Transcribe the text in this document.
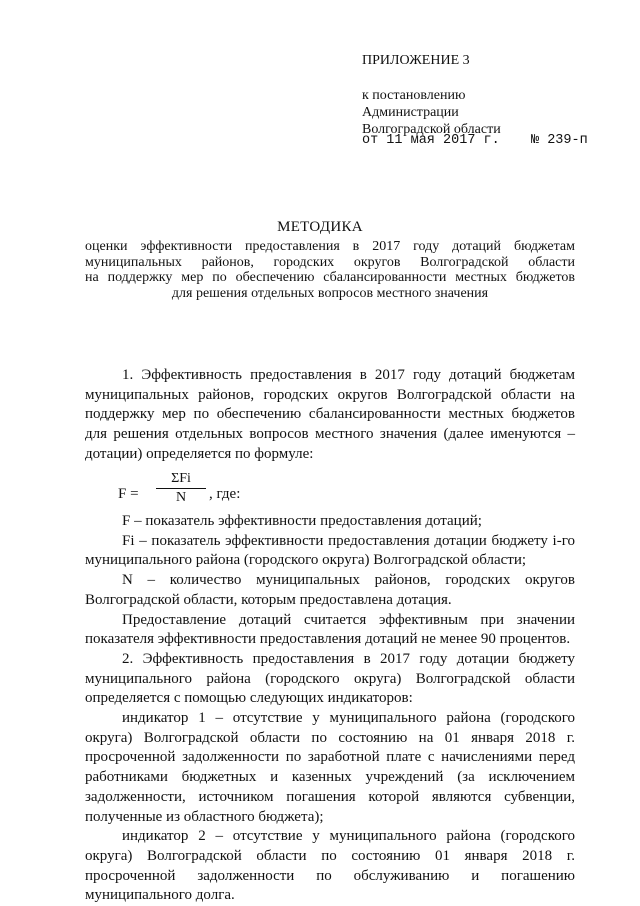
ПРИЛОЖЕНИЕ 3
к постановлению
Администрации
Волгоградской области
от 11 мая 2017 г. № 239-п
МЕТОДИКА
оценки эффективности предоставления в 2017 году дотаций бюджетам
муниципальных районов, городских округов Волгоградской области
на поддержку мер по обеспечению сбалансированности местных бюджетов
для решения отдельных вопросов местного значения

1. Эффективность предоставления в 2017 году дотаций бюджетам муниципальных районов, городских округов Волгоградской области на поддержку мер по обеспечению сбалансированности местных бюджетов для решения отдельных вопросов местного значения (далее именуются – дотации) определяется по формуле:

F =
ΣFi
N	, где:

F – показатель эффективности предоставления дотаций;

Fi – показатель эффективности предоставления дотации бюджету i-го муниципального района (городского округа) Волгоградской области;

N – количество муниципальных районов, городских округов Волгоградской области, которым предоставлена дотация.

Предоставление дотаций считается эффективным при значении показателя эффективности предоставления дотаций не менее 90 процентов.

2. Эффективность предоставления в 2017 году дотации бюджету муниципального района (городского округа) Волгоградской области определяется с помощью следующих индикаторов:

индикатор 1 – отсутствие у муниципального района (городского округа) Волгоградской области по состоянию на 01 января 2018 г. просроченной задолженности по заработной плате с начислениями перед работниками бюджетных и казенных учреждений (за исключением задолженности, источником погашения которой являются субвенции, полученные из областного бюджета);

индикатор 2 – отсутствие у муниципального района (городского округа) Волгоградской области по состоянию 01 января 2018 г. просроченной задолженности по обслуживанию и погашению муниципального долга.
